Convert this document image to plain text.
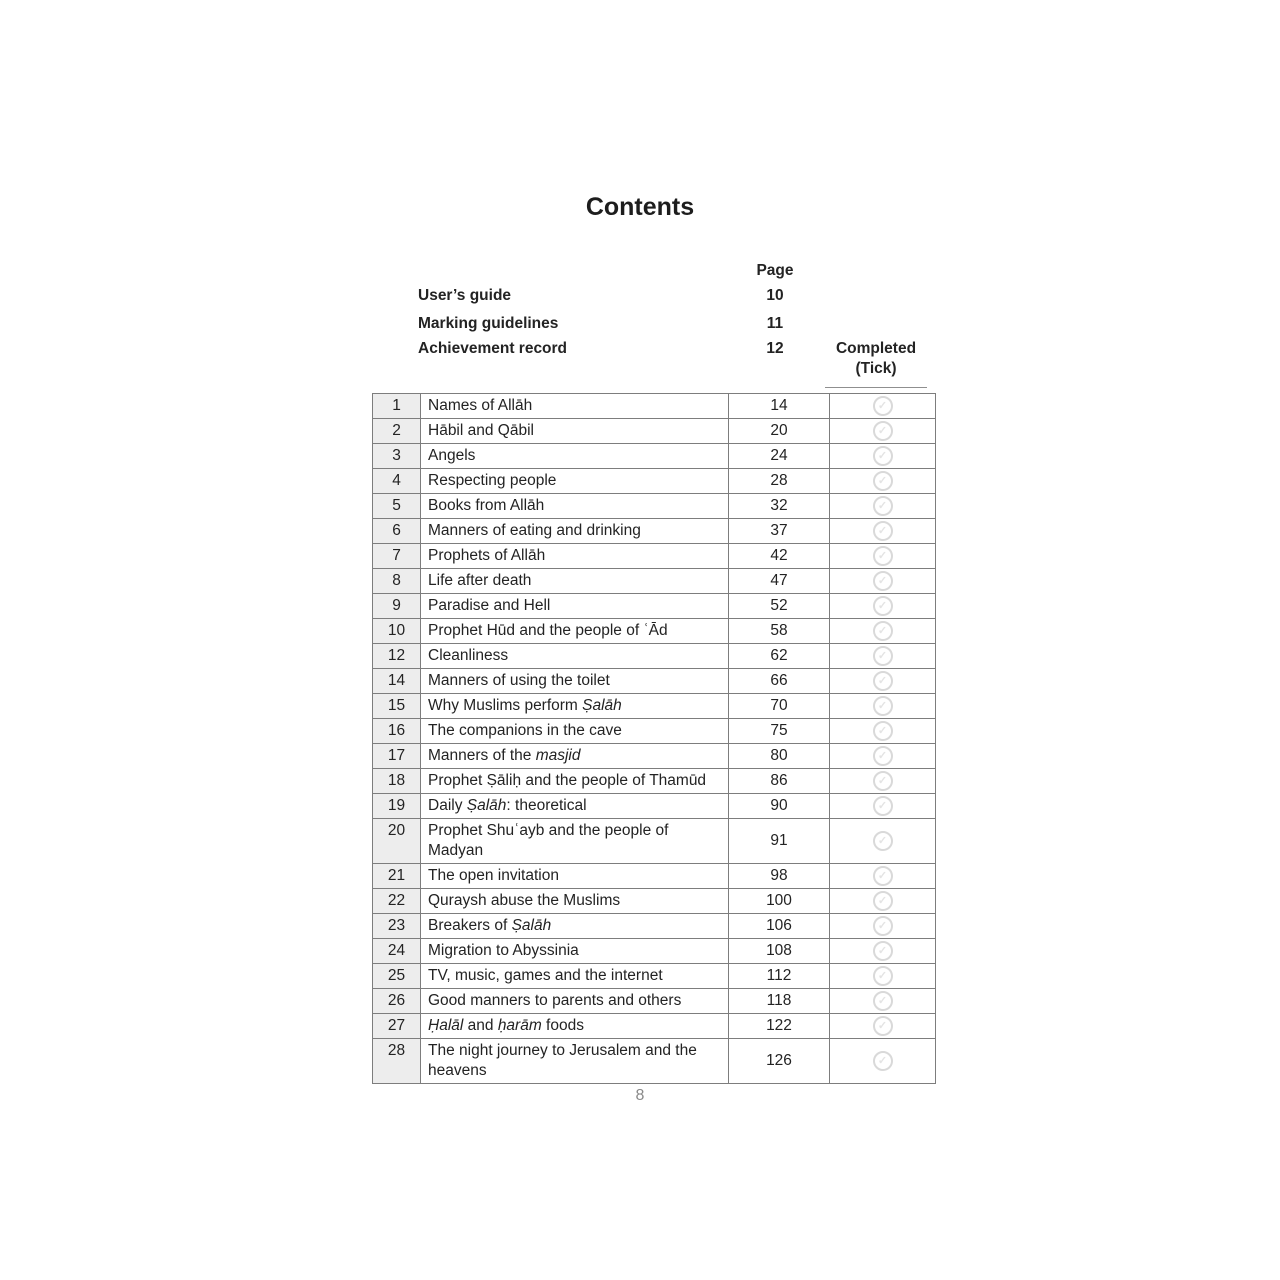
Contents
Page
User’s guide	10
Marking guidelines	11
Achievement record	12	Completed
(Tick)
1	Names of Allāh	14	✓
2	Hābil and Qābil	20	✓
3	Angels	24	✓
4	Respecting people	28	✓
5	Books from Allāh	32	✓
6	Manners of eating and drinking	37	✓
7	Prophets of Allāh	42	✓
8	Life after death	47	✓
9	Paradise and Hell	52	✓
10	Prophet Hūd and the people of ʿĀd	58	✓
12	Cleanliness	62	✓
14	Manners of using the toilet	66	✓
15	Why Muslims perform Ṣalāh	70	✓
16	The companions in the cave	75	✓
17	Manners of the masjid	80	✓
18	Prophet Ṣāliḥ and the people of Thamūd	86	✓
19	Daily Ṣalāh: theoretical	90	✓
20	Prophet Shuʿayb and the people of
Madyan	91	✓
21	The open invitation	98	✓
22	Quraysh abuse the Muslims	100	✓
23	Breakers of Ṣalāh	106	✓
24	Migration to Abyssinia	108	✓
25	TV, music, games and the internet	112	✓
26	Good manners to parents and others	118	✓
27	Ḥalāl and ḥarām foods	122	✓
28	The night journey to Jerusalem and the
heavens	126	✓
8
